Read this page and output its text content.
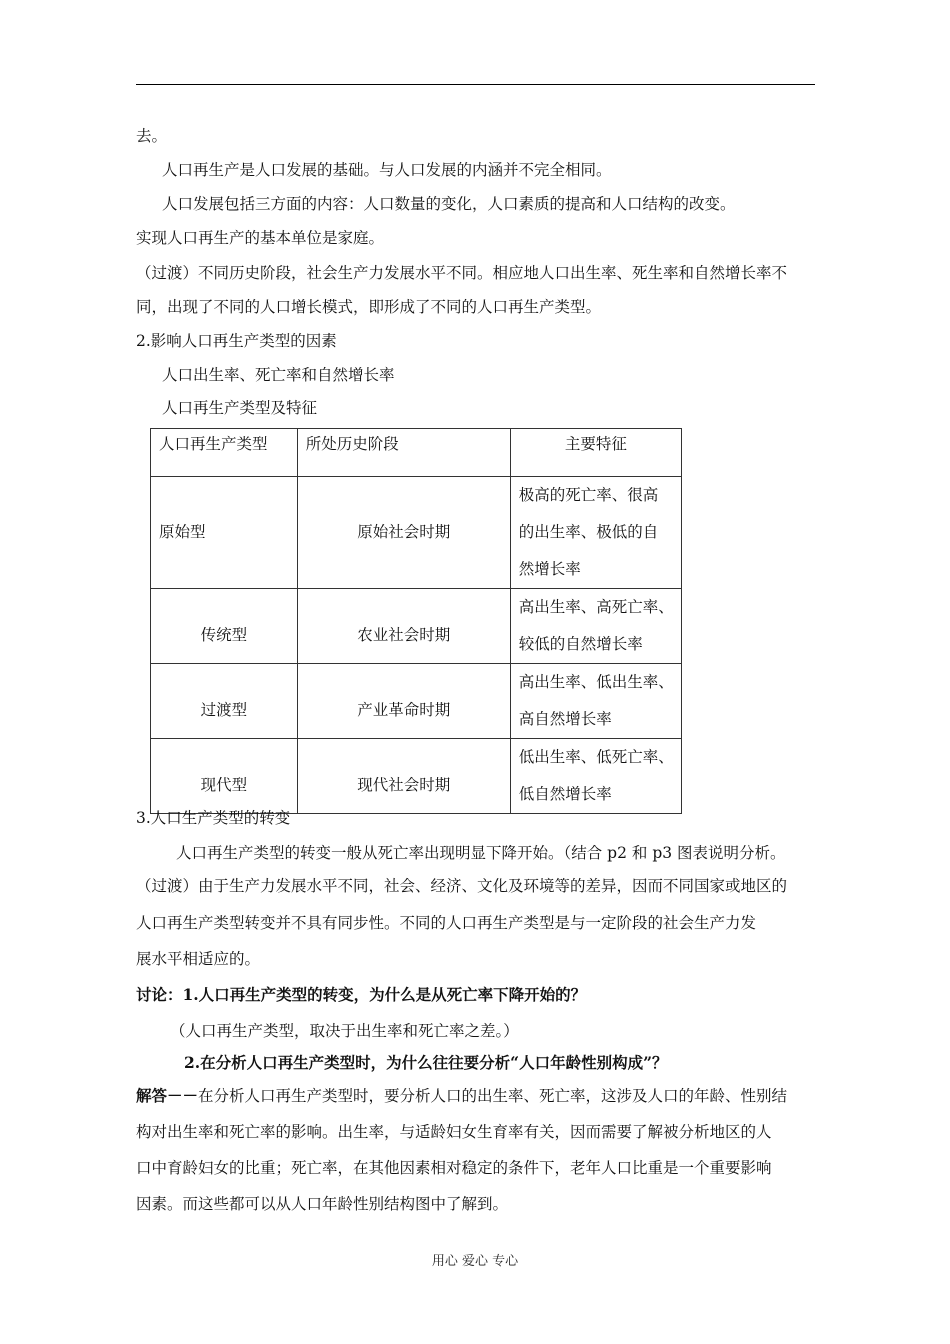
去。
人口再生产是人口发展的基础。与人口发展的内涵并不完全相同。
人口发展包括三方面的内容：人口数量的变化，人口素质的提高和人口结构的改变。
实现人口再生产的基本单位是家庭。
（过渡）不同历史阶段，社会生产力发展水平不同。相应地人口出生率、死生率和自然增长率不
同，出现了不同的人口增长模式，即形成了不同的人口再生产类型。
2.影响人口再生产类型的因素
人口出生率、死亡率和自然增长率
人口再生产类型及特征
人口再生产类型	所处历史阶段	主要特征
原始型	原始社会时期	极高的死亡率、很高
的出生率、极低的自
然增长率

传统型	农业社会时期	高出生率、高死亡率、
较低的自然增长率

过渡型	产业革命时期	高出生率、低出生率、
高自然增长率

现代型	现代社会时期	低出生率、低死亡率、
低自然增长率
3.人口生产类型的转变
人口再生产类型的转变一般从死亡率出现明显下降开始。（结合 p2 和 p3 图表说明分析。
（过渡）由于生产力发展水平不同，社会、经济、文化及环境等的差异，因而不同国家或地区的
人口再生产类型转变并不具有同步性。不同的人口再生产类型是与一定阶段的社会生产力发
展水平相适应的。
讨论：1.人口再生产类型的转变，为什么是从死亡率下降开始的？
（人口再生产类型，取决于出生率和死亡率之差。）
2.在分析人口再生产类型时，为什么往往要分析“人口年龄性别构成”？
解答－－在分析人口再生产类型时，要分析人口的出生率、死亡率，这涉及人口的年龄、性别结
构对出生率和死亡率的影响。出生率，与适龄妇女生育率有关，因而需要了解被分析地区的人
口中育龄妇女的比重；死亡率，在其他因素相对稳定的条件下，老年人口比重是一个重要影响
因素。而这些都可以从人口年龄性别结构图中了解到。
用心 爱心 专心
